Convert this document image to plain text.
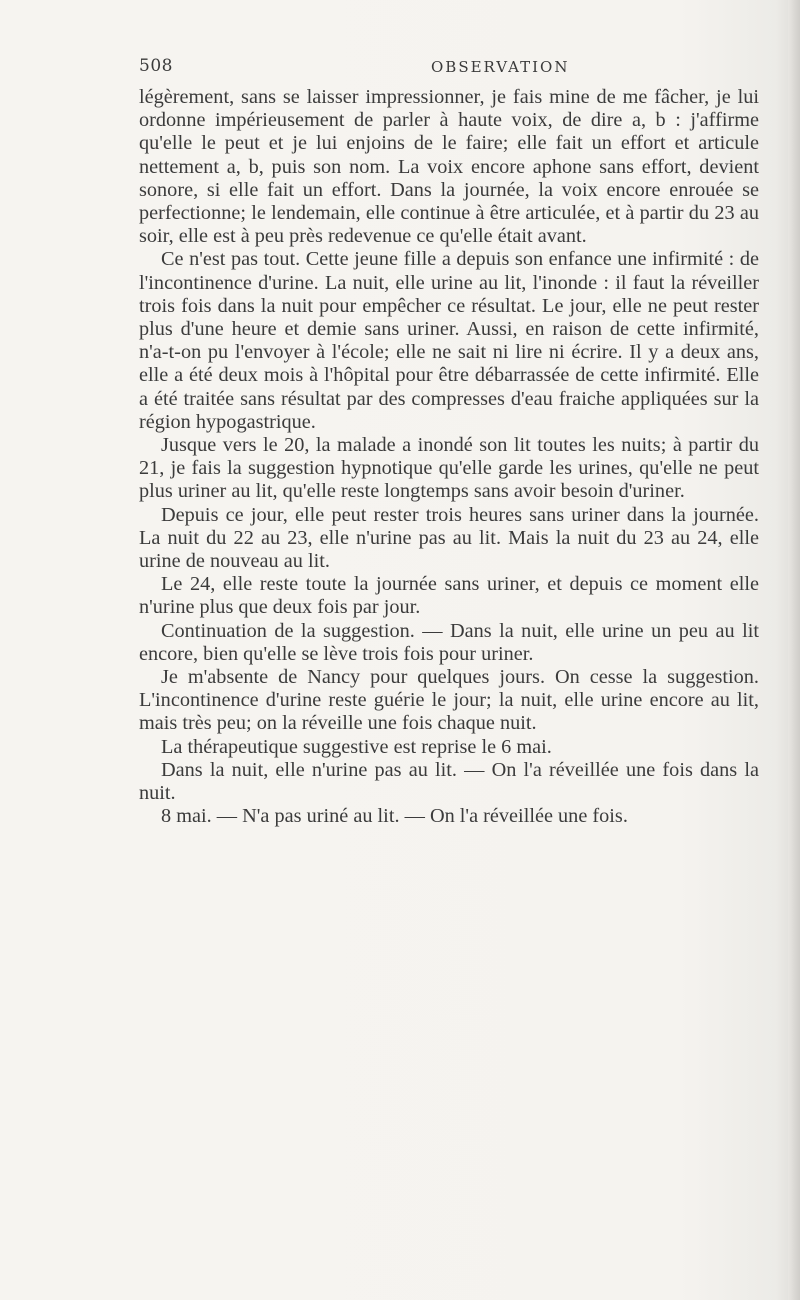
508	OBSERVATION

légèrement, sans se laisser impressionner, je fais mine de me fâcher, je lui ordonne impérieusement de parler à haute voix, de dire a, b : j'affirme qu'elle le peut et je lui enjoins de le faire; elle fait un effort et articule nettement a, b, puis son nom. La voix encore aphone sans effort, devient sonore, si elle fait un effort. Dans la journée, la voix encore enrouée se perfectionne; le lendemain, elle continue à être articulée, et à partir du 23 au soir, elle est à peu près redevenue ce qu'elle était avant.

Ce n'est pas tout. Cette jeune fille a depuis son enfance une infirmité : de l'incontinence d'urine. La nuit, elle urine au lit, l'inonde : il faut la réveiller trois fois dans la nuit pour empêcher ce résultat. Le jour, elle ne peut rester plus d'une heure et demie sans uriner. Aussi, en raison de cette infirmité, n'a-t-on pu l'envoyer à l'école; elle ne sait ni lire ni écrire. Il y a deux ans, elle a été deux mois à l'hôpital pour être débarrassée de cette infirmité. Elle a été traitée sans résultat par des compresses d'eau fraiche appliquées sur la région hypogastrique.

Jusque vers le 20, la malade a inondé son lit toutes les nuits; à partir du 21, je fais la suggestion hypnotique qu'elle garde les urines, qu'elle ne peut plus uriner au lit, qu'elle reste longtemps sans avoir besoin d'uriner.

Depuis ce jour, elle peut rester trois heures sans uriner dans la journée. La nuit du 22 au 23, elle n'urine pas au lit. Mais la nuit du 23 au 24, elle urine de nouveau au lit.

Le 24, elle reste toute la journée sans uriner, et depuis ce moment elle n'urine plus que deux fois par jour.

Continuation de la suggestion. — Dans la nuit, elle urine un peu au lit encore, bien qu'elle se lève trois fois pour uriner.

Je m'absente de Nancy pour quelques jours. On cesse la suggestion. L'incontinence d'urine reste guérie le jour; la nuit, elle urine encore au lit, mais très peu; on la réveille une fois chaque nuit.

La thérapeutique suggestive est reprise le 6 mai.

Dans la nuit, elle n'urine pas au lit. — On l'a réveillée une fois dans la nuit.

8 mai. — N'a pas uriné au lit. — On l'a réveillée une fois.
